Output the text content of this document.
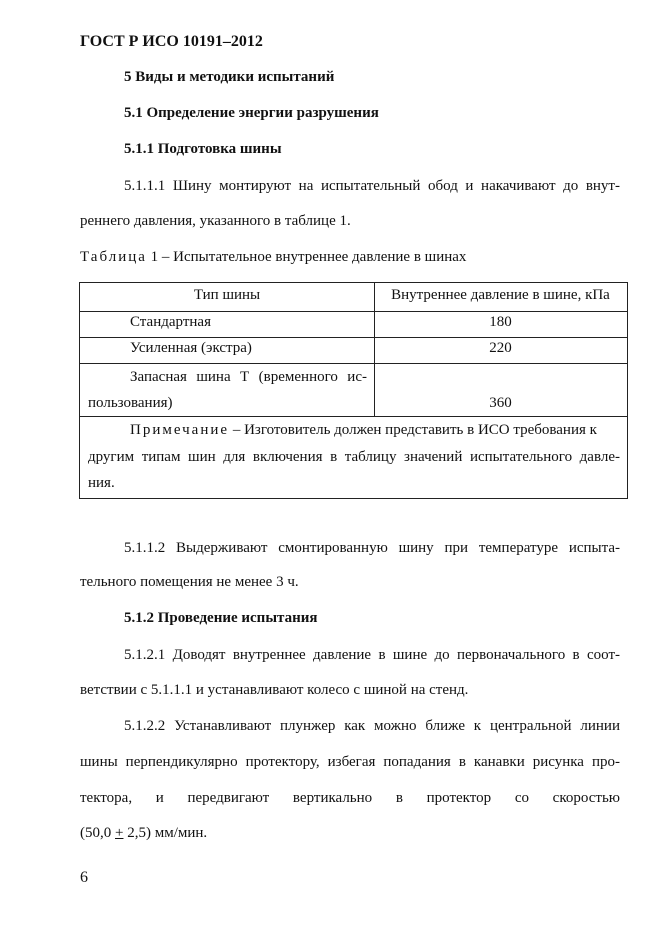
ГОСТ Р ИСО 10191–2012
5 Виды и методики испытаний
5.1 Определение энергии разрушения
5.1.1 Подготовка шины
5.1.1.1 Шину монтируют на испытательный обод и накачивают до внут-
реннего давления, указанного в таблице 1.
Таблица 1 – Испытательное внутреннее давление в шинах
Тип шины	Внутреннее давление в шине, кПа
Стандартная	180
Усиленная (экстра)	220
Запасная шина Т (временного ис-
пользования)	360
Примечание – Изготовитель должен представить в ИСО требования к
другим типам шин для включения в таблицу значений испытательного давле-
ния.
5.1.1.2 Выдерживают смонтированную шину при температуре испыта-
тельного помещения не менее 3 ч.
5.1.2 Проведение испытания
5.1.2.1 Доводят внутреннее давление в шине до первоначального в соот-
ветствии с 5.1.1.1 и устанавливают колесо с шиной на стенд.
5.1.2.2 Устанавливают плунжер как можно ближе к центральной линии
шины перпендикулярно протектору, избегая попадания в канавки рисунка про-
тектора, и передвигают вертикально в протектор со скоростью
(50,0 + 2,5) мм/мин.
6
